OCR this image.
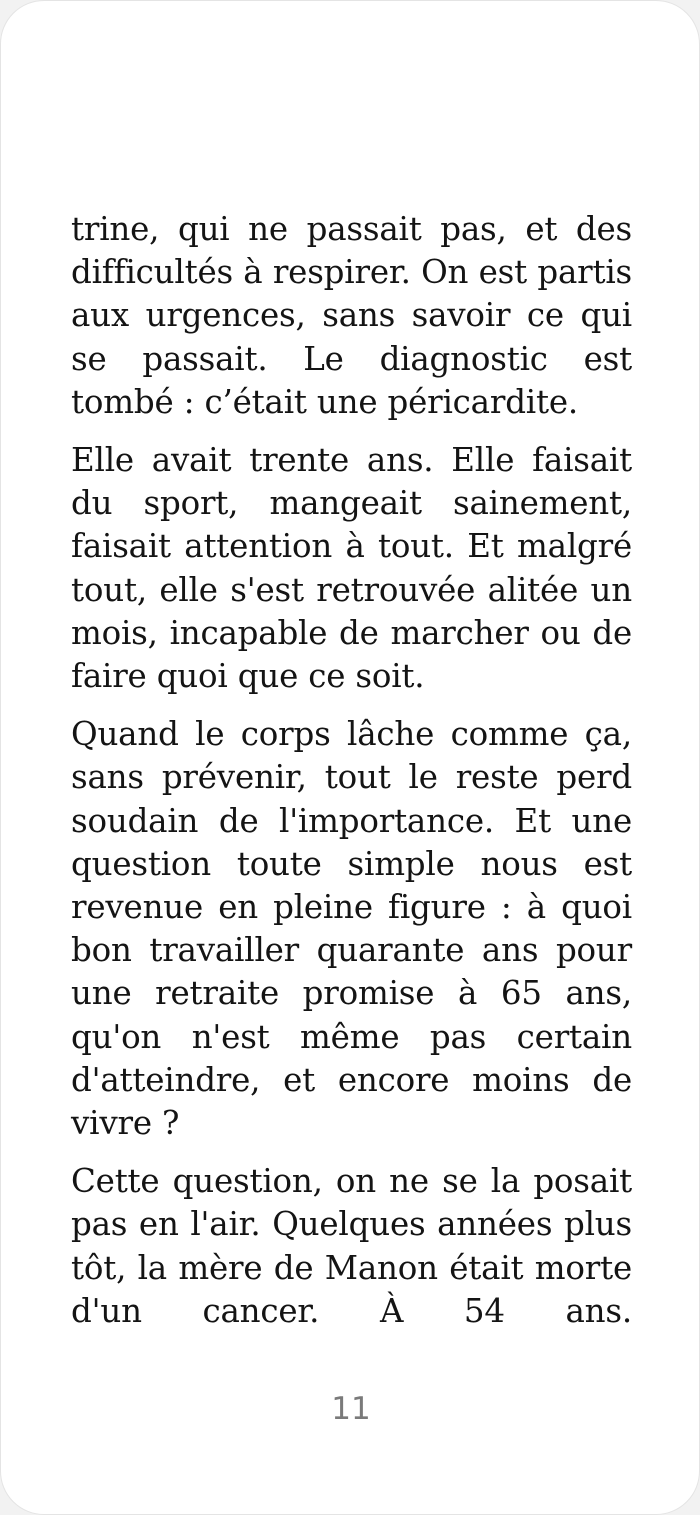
trine, qui ne passait pas, et des difficultés à respirer. On est partis aux urgences, sans savoir ce qui se passait. Le diagnostic est tombé : c’était une péricardite.

Elle avait trente ans. Elle faisait du sport, mangeait sainement, faisait attention à tout. Et malgré tout, elle s'est retrouvée alitée un mois, incapable de marcher ou de faire quoi que ce soit.

Quand le corps lâche comme ça, sans prévenir, tout le reste perd soudain de l'importance. Et une question toute simple nous est revenue en pleine figure : à quoi bon travailler quarante ans pour une retraite promise à 65 ans, qu'on n'est même pas certain d'atteindre, et encore moins de vivre ?

Cette question, on ne se la posait pas en l'air. Quelques années plus tôt, la mère de Manon était morte d'un cancer. À 54 ans.

11
